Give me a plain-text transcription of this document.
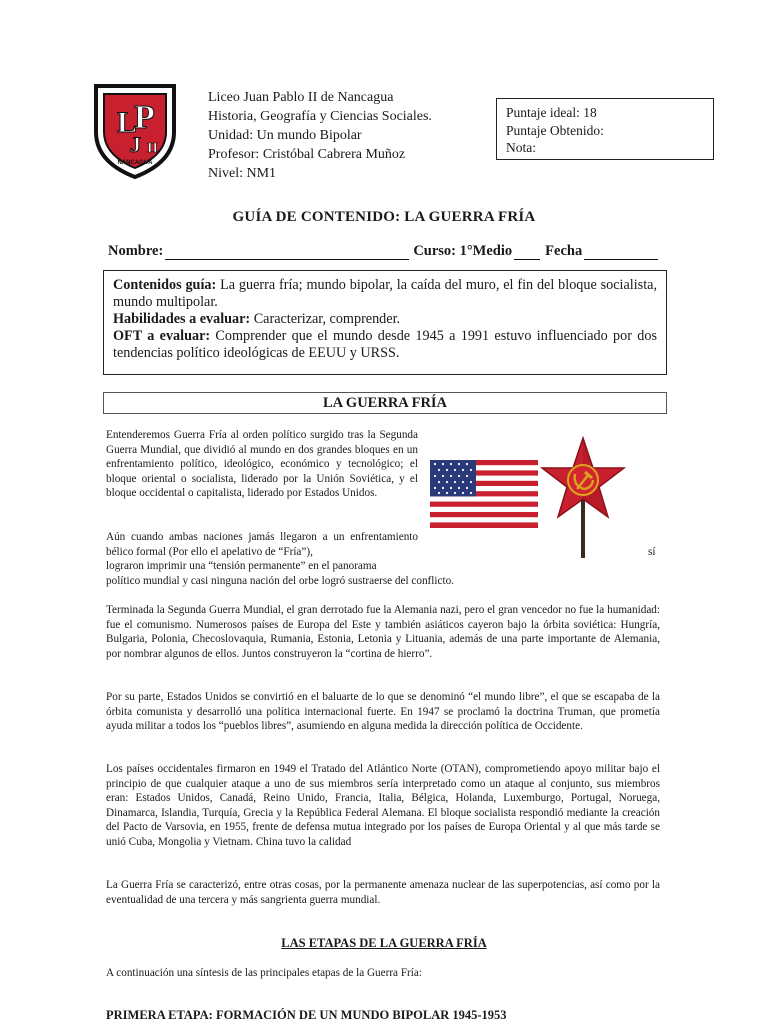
L
P
J II
NANCAGUA
Liceo Juan Pablo II de Nancagua
Historia, Geografía y Ciencias Sociales.
Unidad: Un mundo Bipolar
Profesor: Cristóbal Cabrera Muñoz
Nivel: NM1
Puntaje ideal: 18
Puntaje Obtenido:
Nota:
GUÍA DE CONTENIDO: LA GUERRA FRÍA
Nombre:	Curso: 1°Medio Fecha

Contenidos guía: La guerra fría; mundo bipolar, la caída del muro, el fin del bloque socialista, mundo multipolar.

Habilidades a evaluar: Caracterizar, comprender.

OFT a evaluar: Comprender que el mundo desde 1945 a 1991 estuvo influenciado por dos tendencias político ideológicas de EEUU y URSS.

LA GUERRA FRÍA

Entenderemos Guerra Fría al orden político surgido tras la Segunda Guerra Mundial, que dividió al mundo en dos grandes bloques en un enfrentamiento político, ideológico, económico y tecnológico; el bloque oriental o socialista, liderado por la Unión Soviética, y el bloque occidental o capitalista, liderado por Estados Unidos.

Aún cuando ambas naciones jamás llegaron a un enfrentamiento bélico formal (Por ello el apelativo de “Fría”),	sí

lograron imprimir una “tensión permanente” en el panorama

político mundial y casi ninguna nación del orbe logró sustraerse del conflicto.

Terminada la Segunda Guerra Mundial, el gran derrotado fue la Alemania nazi, pero el gran vencedor no fue la humanidad: fue el comunismo. Numerosos países de Europa del Este y también asiáticos cayeron bajo la órbita soviética: Hungría, Bulgaria, Polonia, Checoslovaquia, Rumania, Estonia, Letonia y Lituania, además de una parte importante de Alemania, por nombrar algunos de ellos. Juntos construyeron la “cortina de hierro”.

Por su parte, Estados Unidos se convirtió en el baluarte de lo que se denominó “el mundo libre”, el que se escapaba de la órbita comunista y desarrolló una política internacional fuerte. En 1947 se proclamó la doctrina Truman, que prometía ayuda militar a todos los “pueblos libres”, asumiendo en alguna medida la dirección política de Occidente.

Los países occidentales firmaron en 1949 el Tratado del Atlántico Norte (OTAN), comprometiendo apoyo militar bajo el principio de que cualquier ataque a uno de sus miembros sería interpretado como un ataque al conjunto, sus miembros eran: Estados Unidos, Canadá, Reino Unido, Francia, Italia, Bélgica, Holanda, Luxemburgo, Portugal, Noruega, Dinamarca, Islandia, Turquía, Grecia y la República Federal Alemana. El bloque socialista respondió mediante la creación del Pacto de Varsovia, en 1955, frente de defensa mutua integrado por los países de Europa Oriental y al que más tarde se unió Cuba, Mongolia y Vietnam. China tuvo la calidad

La Guerra Fría se caracterizó, entre otras cosas, por la permanente amenaza nuclear de las superpotencias, así como por la eventualidad de una tercera y más sangrienta guerra mundial.

LAS ETAPAS DE LA GUERRA FRÍA

A continuación una síntesis de las principales etapas de la Guerra Fría:

PRIMERA ETAPA: FORMACIÓN DE UN MUNDO BIPOLAR 1945-1953
